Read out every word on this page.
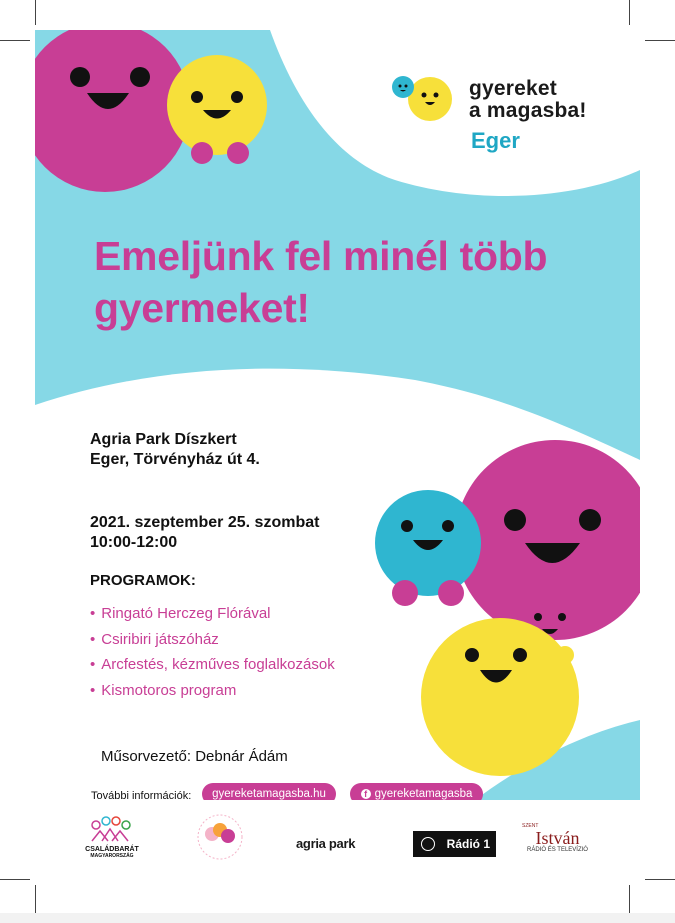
gyereket
a magasba!
Eger
Emeljünk fel minél több
gyermeket!
Agria Park Díszkert
Eger, Törvényház út 4.
2021. szeptember 25. szombat
10:00-12:00
PROGRAMOK:
• Ringató Herczeg Flórával
• Csiribiri játszóház
• Arcfestés, kézműves foglalkozások
• Kismotoros program
Műsorvezető: Debnár Ádám
További információk:	gyereketamagasba.hu	f gyereketamagasba
CSALÁDBARÁT
MAGYARORSZÁG
agria park	Rádió 1
SZENT
István
RÁDIÓ ÉS TELEVÍZIÓ
